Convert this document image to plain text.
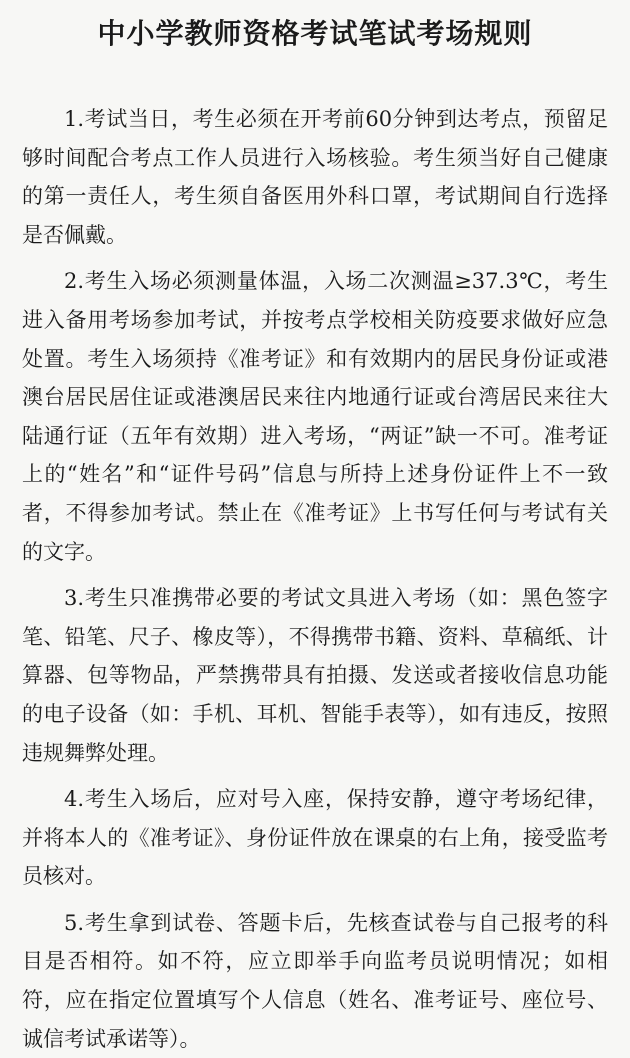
中小学教师资格考试笔试考场规则

1.考试当日，考生必须在开考前60分钟到达考点，预留足够时间配合考点工作人员进行入场核验。考生须当好自己健康的第一责任人，考生须自备医用外科口罩，考试期间自行选择是否佩戴。

2.考生入场必须测量体温，入场二次测温≥37.3℃，考生进入备用考场参加考试，并按考点学校相关防疫要求做好应急处置。考生入场须持《准考证》和有效期内的居民身份证或港澳台居民居住证或港澳居民来往内地通行证或台湾居民来往大陆通行证（五年有效期）进入考场，“两证”缺一不可。准考证上的“姓名”和“证件号码”信息与所持上述身份证件上不一致者，不得参加考试。禁止在《准考证》上书写任何与考试有关的文字。

3.考生只准携带必要的考试文具进入考场（如：黑色签字笔、铅笔、尺子、橡皮等），不得携带书籍、资料、草稿纸、计算器、包等物品，严禁携带具有拍摄、发送或者接收信息功能的电子设备（如：手机、耳机、智能手表等），如有违反，按照违规舞弊处理。

4.考生入场后，应对号入座，保持安静，遵守考场纪律，并将本人的《准考证》、身份证件放在课桌的右上角，接受监考员核对。

5.考生拿到试卷、答题卡后，先核查试卷与自己报考的科目是否相符。如不符，应立即举手向监考员说明情况；如相符，应在指定位置填写个人信息（姓名、准考证号、座位号、诚信考试承诺等）。
